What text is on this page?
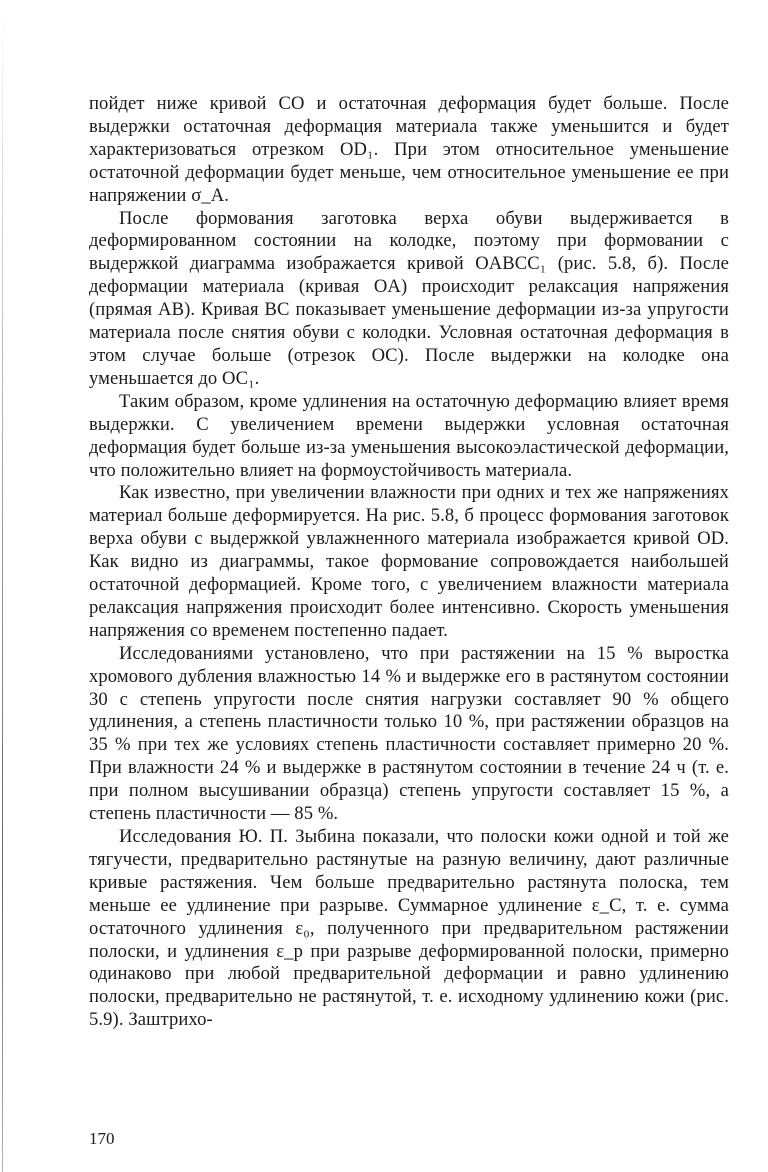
пойдет ниже кривой CO и остаточная деформация будет больше. После выдержки остаточная деформация материала также уменьшится и будет характеризоваться отрезком OD₁. При этом относительное уменьшение остаточной деформации будет меньше, чем относительное уменьшение ее при напряжении σ_A.

После формования заготовка верха обуви выдерживается в деформированном состоянии на колодке, поэтому при формовании с выдержкой диаграмма изображается кривой OABCC₁ (рис. 5.8, б). После деформации материала (кривая OA) происходит релаксация напряжения (прямая AB). Кривая BC показывает уменьшение деформации из-за упругости материала после снятия обуви с колодки. Условная остаточная деформация в этом случае больше (отрезок OC). После выдержки на колодке она уменьшается до OC₁.

Таким образом, кроме удлинения на остаточную деформацию влияет время выдержки. С увеличением времени выдержки условная остаточная деформация будет больше из-за уменьшения высокоэластической деформации, что положительно влияет на формоустойчивость материала.

Как известно, при увеличении влажности при одних и тех же напряжениях материал больше деформируется. На рис. 5.8, б процесс формования заготовок верха обуви с выдержкой увлажненного материала изображается кривой OD. Как видно из диаграммы, такое формование сопровождается наибольшей остаточной деформацией. Кроме того, с увеличением влажности материала релаксация напряжения происходит более интенсивно. Скорость уменьшения напряжения со временем постепенно падает.

Исследованиями установлено, что при растяжении на 15 % выростка хромового дубления влажностью 14 % и выдержке его в растянутом состоянии 30 с степень упругости после снятия нагрузки составляет 90 % общего удлинения, а степень пластичности только 10 %, при растяжении образцов на 35 % при тех же условиях степень пластичности составляет примерно 20 %. При влажности 24 % и выдержке в растянутом состоянии в течение 24 ч (т. е. при полном высушивании образца) степень упругости составляет 15 %, а степень пластичности — 85 %.

Исследования Ю. П. Зыбина показали, что полоски кожи одной и той же тягучести, предварительно растянутые на разную величину, дают различные кривые растяжения. Чем больше предварительно растянута полоска, тем меньше ее удлинение при разрыве. Суммарное удлинение ε_C, т. е. сумма остаточного удлинения ε₀, полученного при предварительном растяжении полоски, и удлинения ε_р при разрыве деформированной полоски, примерно одинаково при любой предварительной деформации и равно удлинению полоски, предварительно не растянутой, т. е. исходному удлинению кожи (рис. 5.9). Заштрихо-

170
